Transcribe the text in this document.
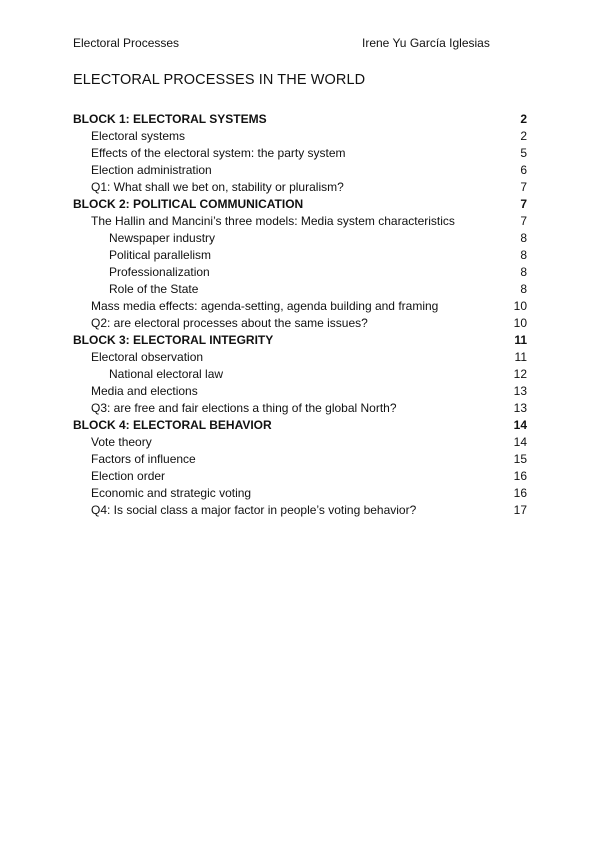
Electoral Processes	Irene Yu García Iglesias
ELECTORAL PROCESSES IN THE WORLD
BLOCK 1: ELECTORAL SYSTEMS	2
Electoral systems	2
Effects of the electoral system: the party system	5
Election administration	6
Q1: What shall we bet on, stability or pluralism?	7
BLOCK 2: POLITICAL COMMUNICATION	7
The Hallin and Mancini’s three models: Media system characteristics	7
Newspaper industry	8
Political parallelism	8
Professionalization	8
Role of the State	8
Mass media effects: agenda-setting, agenda building and framing	10
Q2: are electoral processes about the same issues?	10
BLOCK 3: ELECTORAL INTEGRITY	11
Electoral observation	11
National electoral law	12
Media and elections	13
Q3: are free and fair elections a thing of the global North?	13
BLOCK 4: ELECTORAL BEHAVIOR	14
Vote theory	14
Factors of influence	15
Election order	16
Economic and strategic voting	16
Q4: Is social class a major factor in people’s voting behavior?	17
